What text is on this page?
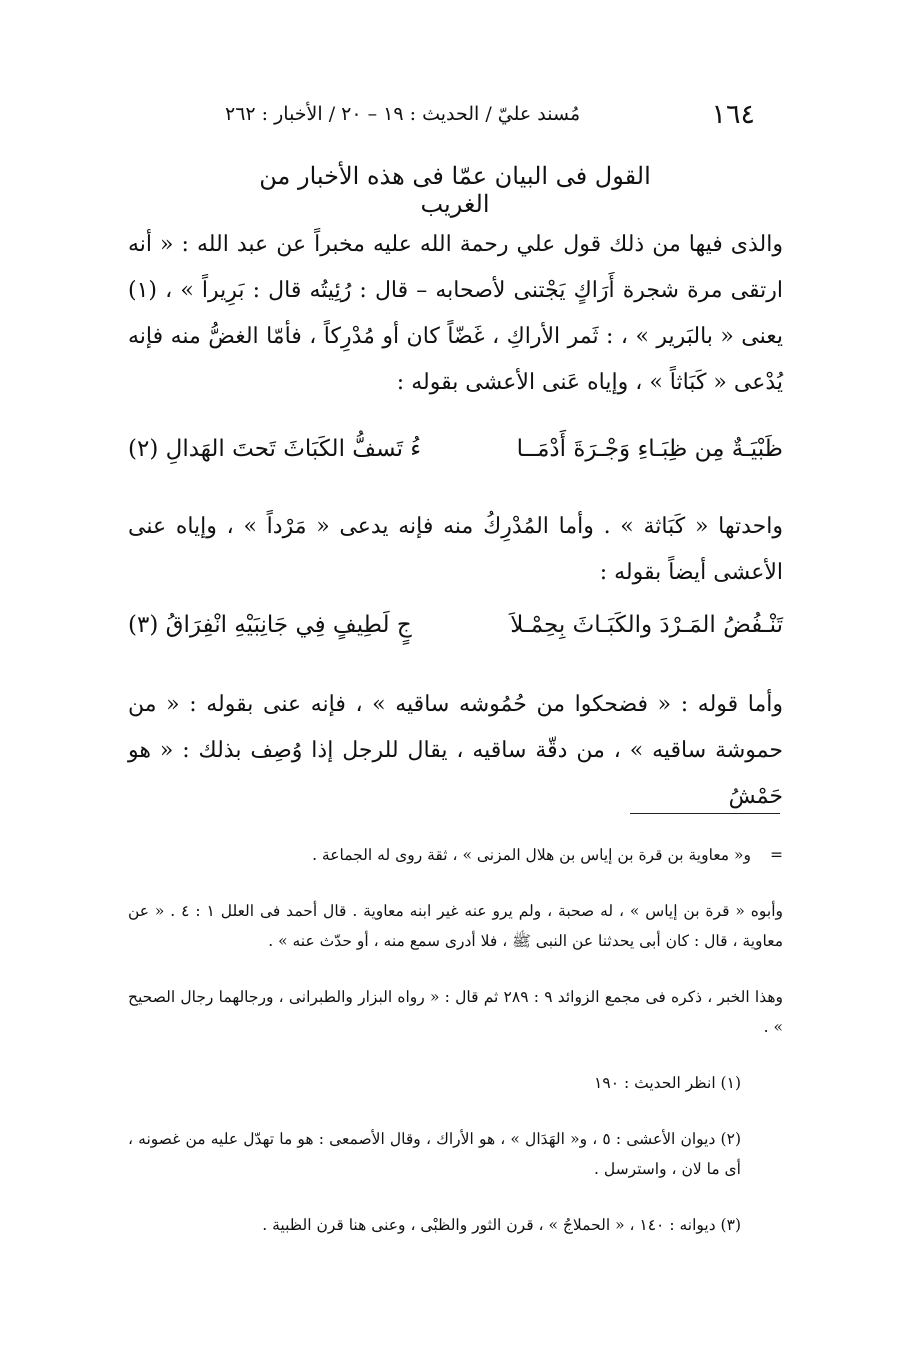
١٦٤
مُسند عليّ / الحديث : ١٩ – ٢٠ / الأخبار : ٢٦٢
القول فى البيان عمّا فى هذه الأخبار من الغريب

والذى فيها من ذلك قول علي رحمة الله عليه مخبراً عن عبد الله : « أنه ارتقى مرة شجرة أَرَاكٍ يَجْتنى لأصحابه – قال : رُئِيتُه قال : بَرِيراً » ، (١) يعنى « بالبَرير » ، : ثَمر الأراكِ ، غَضّاً كان أو مُدْرِكاً ، فأمّا الغضُّ منه فإنه يُدْعى « كَبَاثاً » ، وإياه عَنى الأعشى بقوله :

ظَبْيَـةٌ مِن ظِبَـاءِ وَجْـرَةَ أَدْمَــا
ءُ تَسفُّ الكَبَاثَ تَحتَ الهَدالِ (٢)

واحدتها « كَبَاثة » . وأما المُدْرِكُ منه فإنه يدعى « مَرْداً » ، وإياه عنى الأعشى أيضاً بقوله :

تَنْـفُضُ المَـرْدَ والكَبَـاثَ بِحِمْـلاَ
جٍ لَطِيفٍ فِي جَانِبَيْهِ انْفِرَاقُ (٣)

وأما قوله : « فضحكوا من حُمُوشه ساقيه » ، فإنه عنى بقوله : « من حموشة ساقيه » ، من دقّة ساقيه ، يقال للرجل إذا وُصِف بذلك : « هو حَمْشُ

=و« معاوية بن قرة بن إياس بن هلال المزنى » ، ثقة روى له الجماعة .

وأبوه « قرة بن إياس » ، له صحبة ، ولم يرو عنه غير ابنه معاوية . قال أحمد فى العلل ١ : ٤ . « عن معاوية ، قال : كان أبى يحدثنا عن النبى ﷺ ، فلا أدرى سمع منه ، أو حدّث عنه » .

وهذا الخبر ، ذكره فى مجمع الزوائد ٩ : ٢٨٩ ثم قال : « رواه البزار والطبرانى ، ورجالهما رجال الصحيح » .

(١) انظر الحديث : ١٩٠

(٢) ديوان الأعشى : ٥ ، و« الهَدَال » ، هو الأراك ، وقال الأصمعى : هو ما تهدّل عليه من غصونه ، أى ما لان ، واسترسل .

(٣) ديوانه : ١٤٠ ، « الحملاجُ » ، قرن الثور والظبْى ، وعنى هنا قرن الظبية .
